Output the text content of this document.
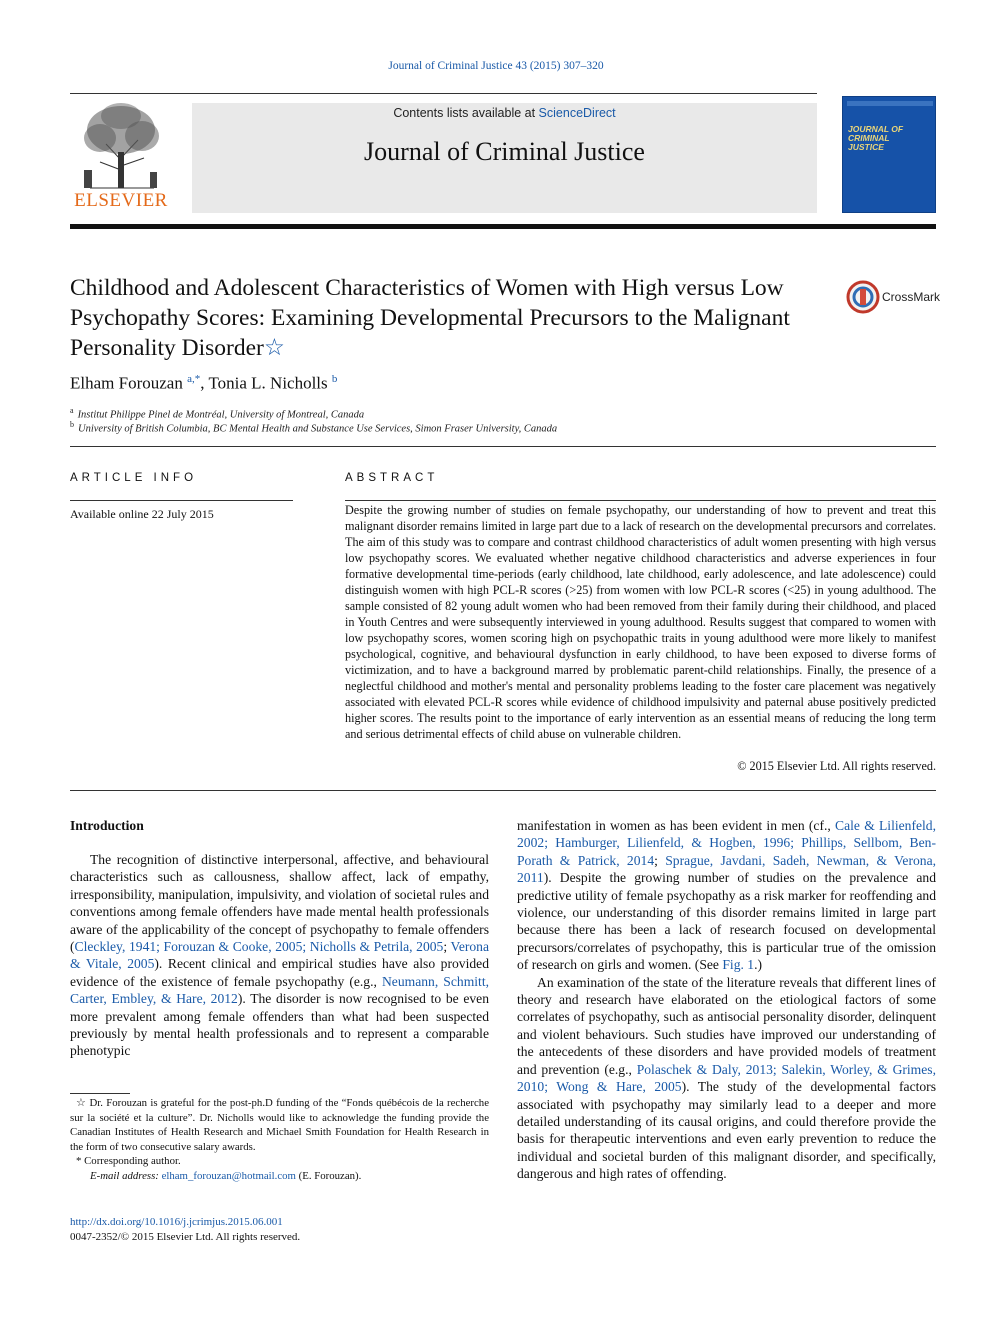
Journal of Criminal Justice 43 (2015) 307–320
ELSEVIER
Contents lists available at ScienceDirect
Journal of Criminal Justice
JOURNAL OF CRIMINAL JUSTICE
Childhood and Adolescent Characteristics of Women with High versus Low Psychopathy Scores: Examining Developmental Precursors to the Malignant Personality Disorder☆
CrossMark
Elham Forouzan $^{a,*}$, Tonia L. Nicholls $^b$
$^a$ Institut Philippe Pinel de Montréal, University of Montreal, Canada
$^b$ University of British Columbia, BC Mental Health and Substance Use Services, Simon Fraser University, Canada
ARTICLE INFO	ABSTRACT
Available online 22 July 2015	Despite the growing number of studies on female psychopathy, our understanding of how to prevent and treat this malignant disorder remains limited in large part due to a lack of research on the developmental precursors and correlates. The aim of this study was to compare and contrast childhood characteristics of adult women presenting with high versus low psychopathy scores. We evaluated whether negative childhood characteristics and adverse experiences in four formative developmental time-periods (early childhood, late childhood, early adolescence, and late adolescence) could distinguish women with high PCL-R scores (>25) from women with low PCL-R scores (<25) in young adulthood. The sample consisted of 82 young adult women who had been removed from their family during their childhood, and placed in Youth Centres and were subsequently interviewed in young adulthood. Results suggest that compared to women with low psychopathy scores, women scoring high on psychopathic traits in young adulthood were more likely to manifest psychological, cognitive, and behavioural dysfunction in early childhood, to have been exposed to diverse forms of victimization, and to have a background marred by problematic parent-child relationships. Finally, the presence of a neglectful childhood and mother's mental and personality problems leading to the foster care placement was negatively associated with elevated PCL-R scores while evidence of childhood impulsivity and paternal abuse positively predicted higher scores. The results point to the importance of early intervention as an essential means of reducing the long term and serious detrimental effects of child abuse on vulnerable children.
© 2015 Elsevier Ltd. All rights reserved.
Introduction

The recognition of distinctive interpersonal, affective, and behavioural characteristics such as callousness, shallow affect, lack of empathy, irresponsibility, manipulation, impulsivity, and violation of societal rules and conventions among female offenders have made mental health professionals aware of the applicability of the concept of psychopathy to female offenders (Cleckley, 1941; Forouzan & Cooke, 2005; Nicholls & Petrila, 2005; Verona & Vitale, 2005). Recent clinical and empirical studies have also provided evidence of the existence of female psychopathy (e.g., Neumann, Schmitt, Carter, Embley, & Hare, 2012). The disorder is now recognised to be even more prevalent among female offenders than what had been suspected previously by mental health professionals and to represent a comparable phenotypic

manifestation in women as has been evident in men (cf., Cale & Lilienfeld, 2002; Hamburger, Lilienfeld, & Hogben, 1996; Phillips, Sellbom, Ben-Porath & Patrick, 2014; Sprague, Javdani, Sadeh, Newman, & Verona, 2011). Despite the growing number of studies on the prevalence and predictive utility of female psychopathy as a risk marker for reoffending and violence, our understanding of this disorder remains limited in large part because there has been a lack of research focused on developmental precursors/correlates of psychopathy, this is particular true of the omission of research on girls and women. (See Fig. 1.)

An examination of the state of the literature reveals that different lines of theory and research have elaborated on the etiological factors of some correlates of psychopathy, such as antisocial personality disorder, delinquent and violent behaviours. Such studies have improved our understanding of the antecedents of these disorders and have provided models of treatment and prevention (e.g., Polaschek & Daly, 2013; Salekin, Worley, & Grimes, 2010; Wong & Hare, 2005). The study of the developmental factors associated with psychopathy may similarly lead to a deeper and more detailed understanding of its causal origins, and could therefore provide the basis for therapeutic interventions and even early prevention to reduce the individual and societal burden of this malignant disorder, and specifically, dangerous and high rates of offending.

☆ Dr. Forouzan is grateful for the post-ph.D funding of the “Fonds québécois de la recherche sur la société et la culture”. Dr. Nicholls would like to acknowledge the funding provide the Canadian Institutes of Health Research and Michael Smith Foundation for Health Research in the form of two consecutive salary awards.

* Corresponding author.

E-mail address: elham_forouzan@hotmail.com (E. Forouzan).

http://dx.doi.org/10.1016/j.jcrimjus.2015.06.001
0047-2352/© 2015 Elsevier Ltd. All rights reserved.
